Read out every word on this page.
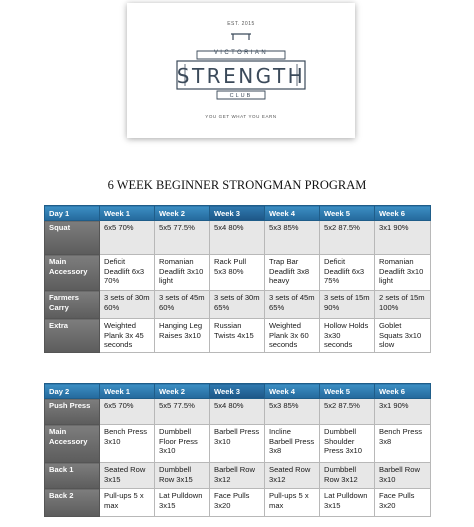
EST. 2015
VICTORIAN
STRENGTH
CLUB
YOU GET WHAT YOU EARN
6 WEEK BEGINNER STRONGMAN PROGRAM
Day 1	Week 1	Week 2	Week 3	Week 4	Week 5	Week 6
Squat	6x5 70%	5x5 77.5%	5x4 80%	5x3 85%	5x2 87.5%	3x1 90%
Main Accessory	Deficit Deadlift 6x3 70%	Romanian Deadlift 3x10 light	Rack Pull 5x3 80%	Trap Bar Deadlift 3x8 heavy	Deficit Deadlift 6x3 75%	Romanian Deadlift 3x10 light
Farmers Carry	3 sets of 30m 60%	3 sets of 45m 60%	3 sets of 30m 65%	3 sets of 45m 65%	3 sets of 15m 90%	2 sets of 15m 100%
Extra	Weighted Plank 3x 45 seconds	Hanging Leg Raises 3x10	Russian Twists 4x15	Weighted Plank 3x 60 seconds	Hollow Holds 3x30 seconds	Goblet Squats 3x10 slow
Day 2	Week 1	Week 2	Week 3	Week 4	Week 5	Week 6
Push Press	6x5 70%	5x5 77.5%	5x4 80%	5x3 85%	5x2 87.5%	3x1 90%
Main Accessory	Bench Press 3x10	Dumbbell Floor Press 3x10	Barbell Press 3x10	Incline Barbell Press 3x8	Dumbbell Shoulder Press 3x10	Bench Press 3x8
Back 1	Seated Row 3x15	Dumbbell Row 3x15	Barbell Row 3x12	Seated Row 3x12	Dumbbell Row 3x12	Barbell Row 3x10
Back 2	Pull-ups 5 x max	Lat Pulldown 3x15	Face Pulls 3x20	Pull-ups 5 x max	Lat Pulldown 3x15	Face Pulls 3x20
